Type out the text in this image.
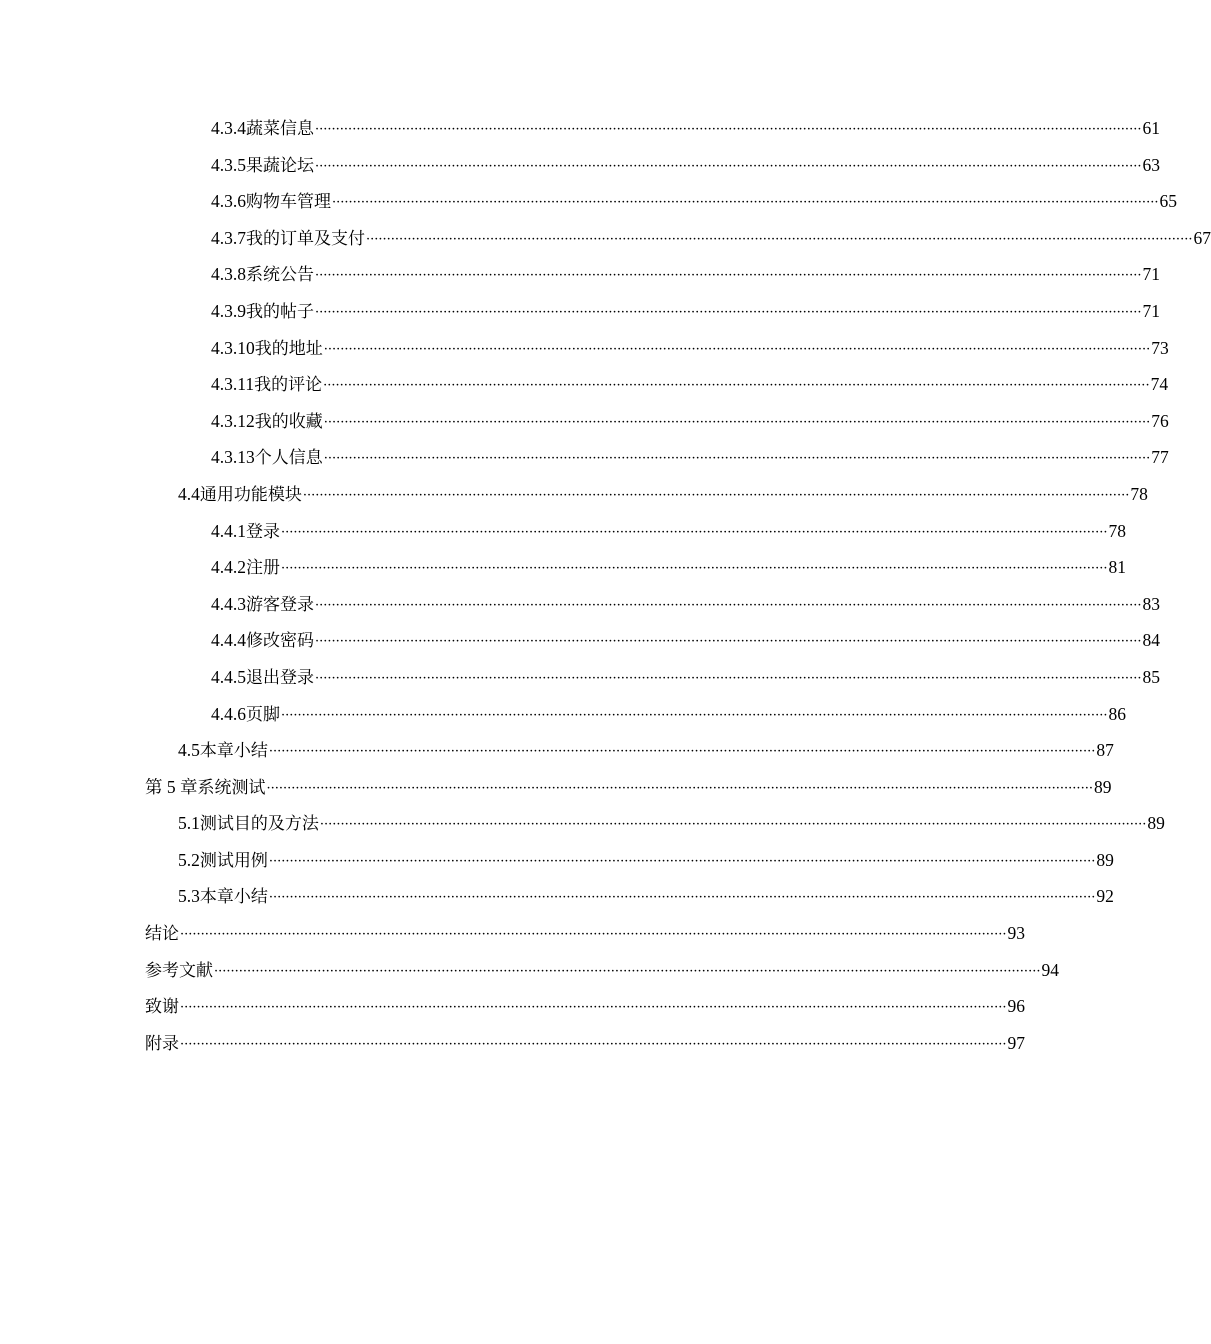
4.3.4 蔬菜信息 ········································································································································································································ 61
4.3.5 果蔬论坛 ········································································································································································································ 63
4.3.6 购物车管理 ········································································································································································································ 65
4.3.7 我的订单及支付 ········································································································································································································ 67
4.3.8 系统公告 ········································································································································································································ 71
4.3.9 我的帖子 ········································································································································································································ 71
4.3.10 我的地址 ········································································································································································································ 73
4.3.11 我的评论 ········································································································································································································ 74
4.3.12 我的收藏 ········································································································································································································ 76
4.3.13 个人信息 ········································································································································································································ 77
4.4 通用功能模块 ········································································································································································································ 78
4.4.1 登录 ········································································································································································································ 78
4.4.2 注册 ········································································································································································································ 81
4.4.3 游客登录 ········································································································································································································ 83
4.4.4 修改密码 ········································································································································································································ 84
4.4.5 退出登录 ········································································································································································································ 85
4.4.6 页脚 ········································································································································································································ 86
4.5 本章小结 ········································································································································································································ 87
第 5 章 系统测试 ········································································································································································································ 89
5.1 测试目的及方法 ········································································································································································································ 89
5.2 测试用例 ········································································································································································································ 89
5.3 本章小结 ········································································································································································································ 92
结论 ········································································································································································································ 93
参考文献 ········································································································································································································ 94
致谢 ········································································································································································································ 96
附录 ········································································································································································································ 97
